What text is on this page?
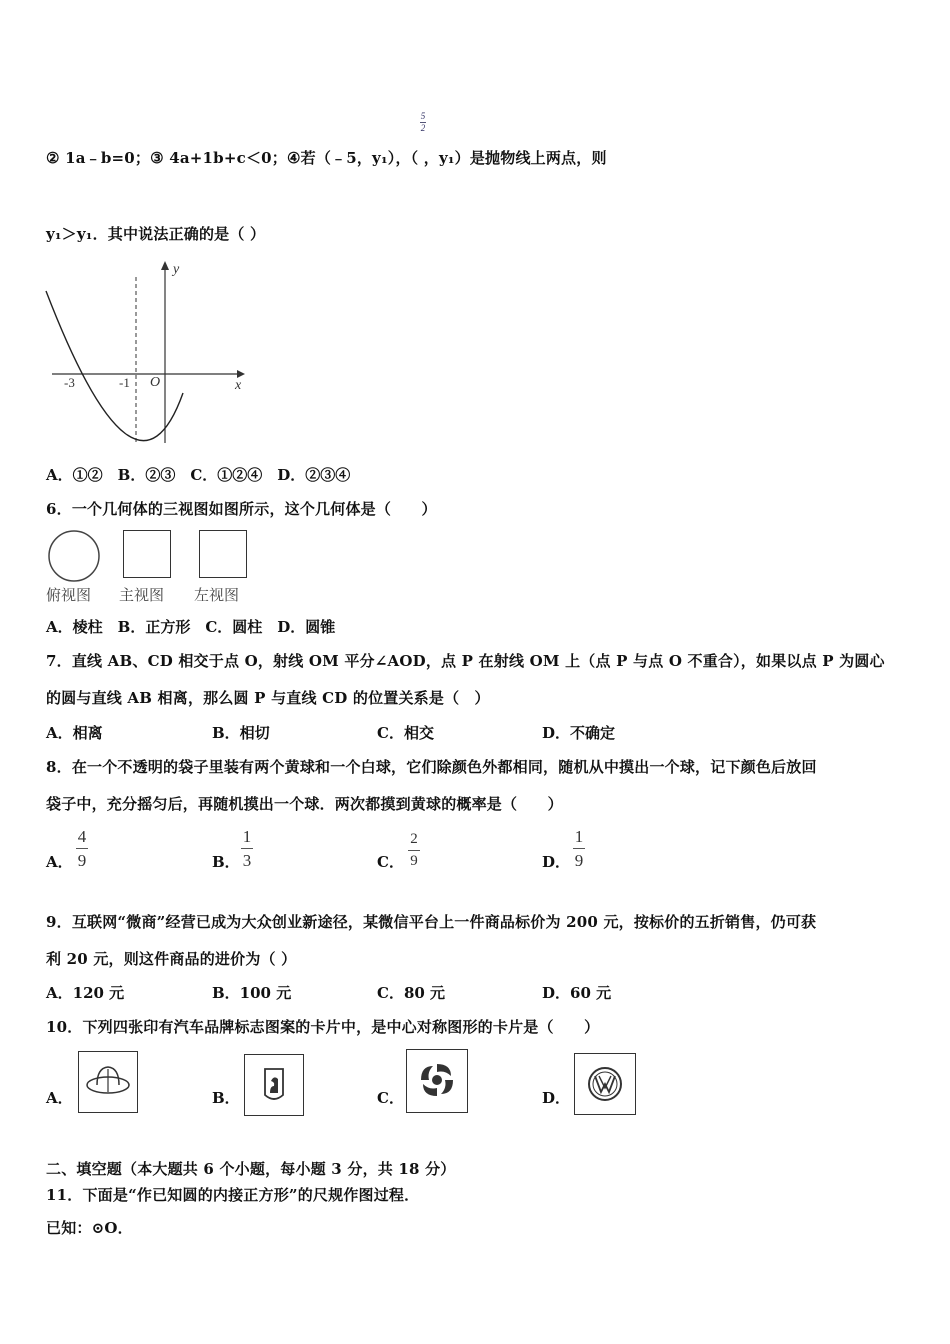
5
2
② 1a﹣b=0；③ 4a+1b+c＜0；④若（﹣5，y₁），（ ，y₁）是抛物线上两点，则
y₁＞y₁．其中说法正确的是（ ）
y
x
-3	-1 O
A．①②　B．②③　C．①②④　D．②③④
6．一个几何体的三视图如图所示，这个几何体是（　　）
俯视图 主视图 左视图
A．棱柱　B．正方形　C．圆柱　D．圆锥
7．直线 AB、CD 相交于点 O，射线 OM 平分∠AOD，点 P 在射线 OM 上（点 P 与点 O 不重合），如果以点 P 为圆心
的圆与直线 AB 相离，那么圆 P 与直线 CD 的位置关系是（　）
A．相离	B．相切	C．相交	D．不确定
8．在一个不透明的袋子里装有两个黄球和一个白球，它们除颜色外都相同，随机从中摸出一个球，记下颜色后放回
袋子中，充分摇匀后，再随机摸出一个球．两次都摸到黄球的概率是（　　）
A．
4
9	B．
1
3	C．
2
9	D．
1
9
9．互联网“微商”经营已成为大众创业新途径，某微信平台上一件商品标价为 200 元，按标价的五折销售，仍可获
利 20 元，则这件商品的进价为（ ）
A．120 元	B．100 元	C．80 元	D．60 元
10．下列四张印有汽车品牌标志图案的卡片中，是中心对称图形的卡片是（　　）
A．	B．	C．	D．
二、填空题（本大题共 6 个小题，每小题 3 分，共 18 分）
11．下面是“作已知圆的内接正方形”的尺规作图过程．
已知：⊙O．
